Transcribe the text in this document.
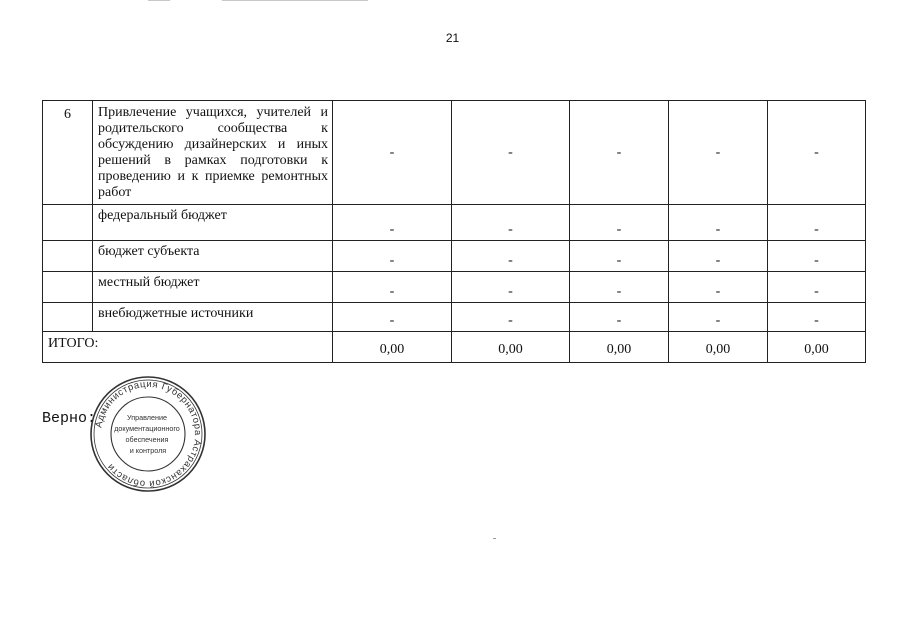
21
6	Привлечение учащихся, учителей и родительского сообщества к обсуждению дизайнерских и иных решений в рамках подготовки к проведению и к приемке ремонтных работ	-	-	-	-	-
	федеральный бюджет	-	-	-	-	-
	бюджет субъекта	-	-	-	-	-
	местный бюджет	-	-	-	-	-
	внебюджетные источники	-	-	-	-	-
ИТОГО:		0,00	0,00	0,00	0,00	0,00
Верно:
Администрация Губернатора Астраханской области
Управление документационного обеспечения и контроля
